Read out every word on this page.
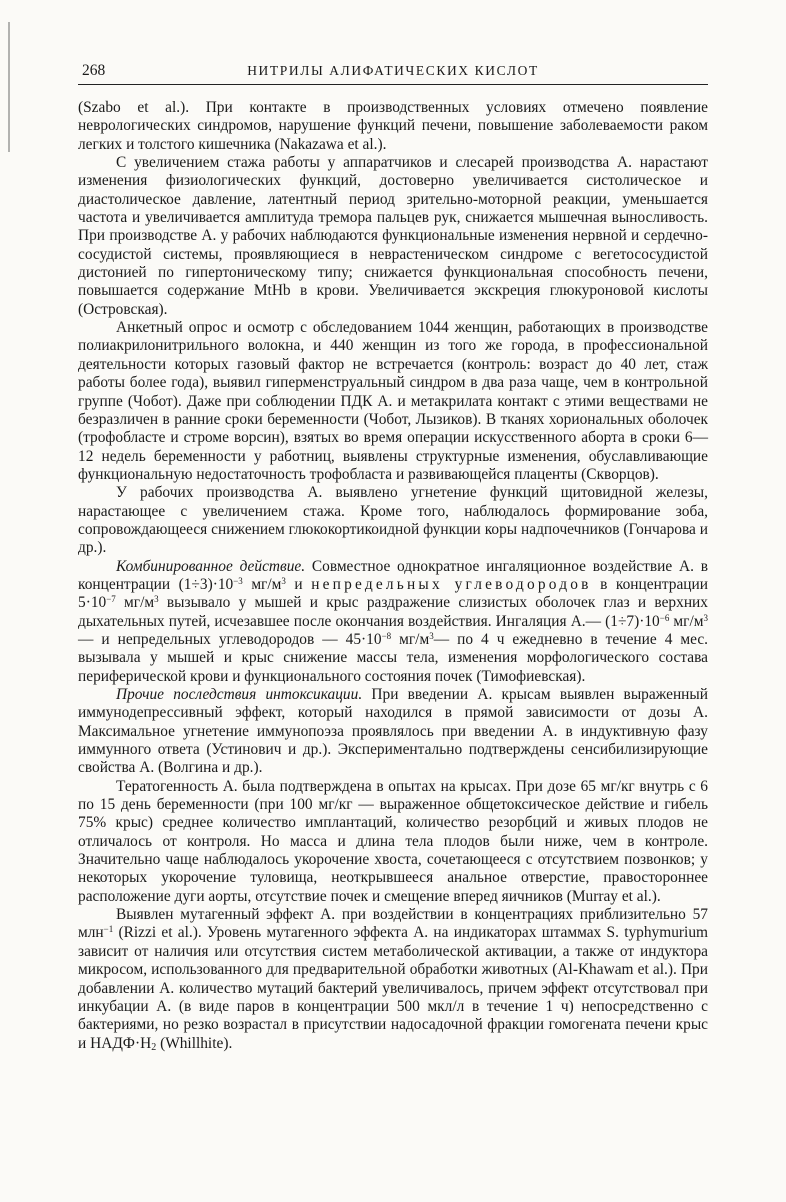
268	НИТРИЛЫ АЛИФАТИЧЕСКИХ КИСЛОТ

(Szabo et al.). При контакте в производственных условиях отмечено появление неврологических синдромов, нарушение функций печени, повышение заболеваемости раком легких и толстого кишечника (Nakazawa et al.).

С увеличением стажа работы у аппаратчиков и слесарей производства А. нарастают изменения физиологических функций, достоверно увеличивается систолическое и диастолическое давление, латентный период зрительно-моторной реакции, уменьшается частота и увеличивается амплитуда тремора пальцев рук, снижается мышечная выносливость. При производстве А. у рабочих наблюдаются функциональные изменения нервной и сердечно-сосудистой системы, проявляющиеся в неврастеническом синдроме с вегетососудистой дистонией по гипертоническому типу; снижается функциональная способность печени, повышается содержание MtHb в крови. Увеличивается экскреция глюкуроновой кислоты (Островская).

Анкетный опрос и осмотр с обследованием 1044 женщин, работающих в производстве полиакрилонитрильного волокна, и 440 женщин из того же города, в профессиональной деятельности которых газовый фактор не встречается (контроль: возраст до 40 лет, стаж работы более года), выявил гиперменструальный синдром в два раза чаще, чем в контрольной группе (Чобот). Даже при соблюдении ПДК А. и метакрилата контакт с этими веществами не безразличен в ранние сроки беременности (Чобот, Лызиков). В тканях хориональных оболочек (трофобласте и строме ворсин), взятых во время операции искусственного аборта в сроки 6—12 недель беременности у работниц, выявлены структурные изменения, обуславливающие функциональную недостаточность трофобласта и развивающейся плаценты (Скворцов).

У рабочих производства А. выявлено угнетение функций щитовидной железы, нарастающее с увеличением стажа. Кроме того, наблюдалось формирование зоба, сопровождающееся снижением глюкокортикоидной функции коры надпочечников (Гончарова и др.).

Комбинированное действие. Совместное однократное ингаляционное воздействие А. в концентрации $(1\div 3)\cdot 10^{-3}$ $мг/м^3$ и непредельных углеводородов в концентрации $5\cdot 10^{-7}$ $мг/м^3$ вызывало у мышей и крыс раздражение слизистых оболочек глаз и верхних дыхательных путей, исчезавшее после окончания воздействия. Ингаляция А.— $(1\div 7)\cdot 10^{-6}$ $мг/м^3—$ и непредельных углеводородов — $45\cdot 10^{-8}$ $мг/м^3—$ по 4 ч ежедневно в течение 4 мес. вызывала у мышей и крыс снижение массы тела, изменения морфологического состава периферической крови и функционального состояния почек (Тимофиевская).

Прочие последствия интоксикации. При введении А. крысам выявлен выраженный иммунодепрессивный эффект, который находился в прямой зависимости от дозы А. Максимальное угнетение иммунопоэза проявлялось при введении А. в индуктивную фазу иммунного ответа (Устинович и др.). Экспериментально подтверждены сенсибилизирующие свойства А. (Волгина и др.).

Тератогенность А. была подтверждена в опытах на крысах. При дозе 65 мг/кг внутрь с 6 по 15 день беременности (при 100 мг/кг — выраженное общетоксическое действие и гибель 75% крыс) среднее количество имплантаций, количество резорбций и живых плодов не отличалось от контроля. Но масса и длина тела плодов были ниже, чем в контроле. Значительно чаще наблюдалось укорочение хвоста, сочетающееся с отсутствием позвонков; у некоторых укорочение туловища, неоткрывшееся анальное отверстие, правостороннее расположение дуги аорты, отсутствие почек и смещение вперед яичников (Murray et al.).

Выявлен мутагенный эффект А. при воздействии в концентрациях приблизительно 57 млн$^{-1}$ (Rizzi et al.). Уровень мутагенного эффекта А. на индикаторах штаммах S. typhymurium зависит от наличия или отсутствия систем метаболической активации, а также от индуктора микросом, использованного для предварительной обработки животных (Al-Khawam et al.). При добавлении А. количество мутаций бактерий увеличивалось, причем эффект отсутствовал при инкубации А. (в виде паров в концентрации 500 мкл/л в течение 1 ч) непосредственно с бактериями, но резко возрастал в присутствии надосадочной фракции гомогената печени крыс и $НАДФ\cdot Н_2$ (Whillhite).
